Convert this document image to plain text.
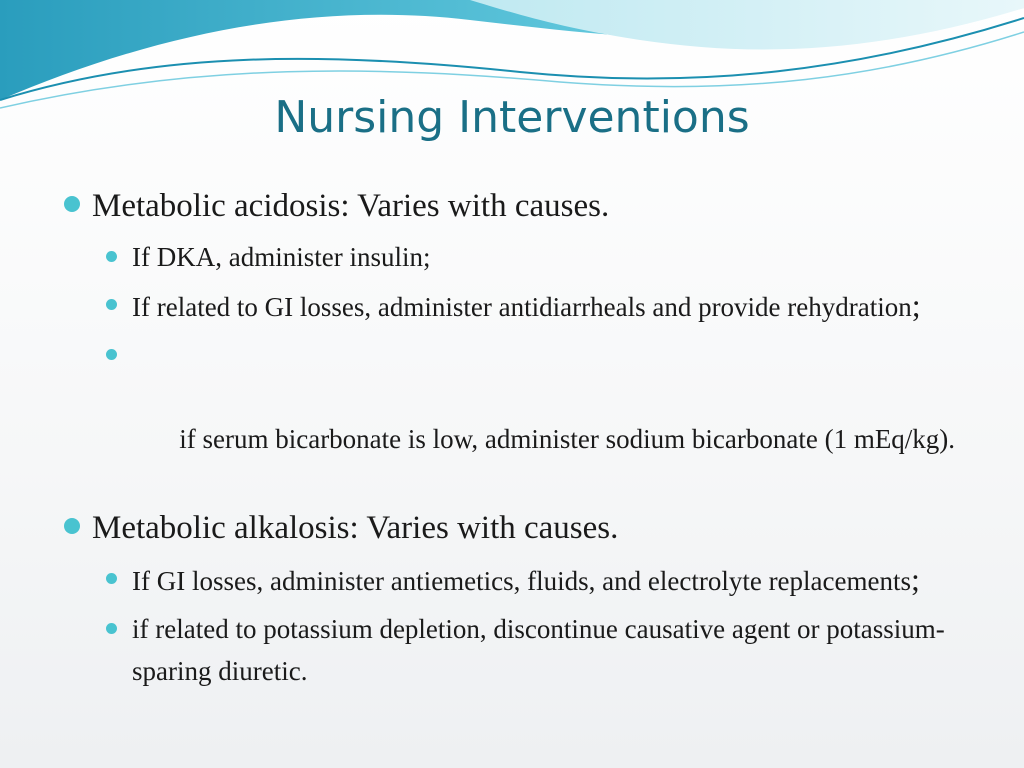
Nursing Interventions
Metabolic acidosis: Varies with causes.
If DKA, administer insulin;
If related to GI losses, administer antidiarrheals and provide rehydration;

if serum bicarbonate is low, administer sodium bicarbonate (1 mEq/kg).

Metabolic alkalosis: Varies with causes.
If GI losses, administer antiemetics, fluids, and electrolyte replacements;
if related to potassium depletion, discontinue causative agent or potassium-sparing diuretic.
